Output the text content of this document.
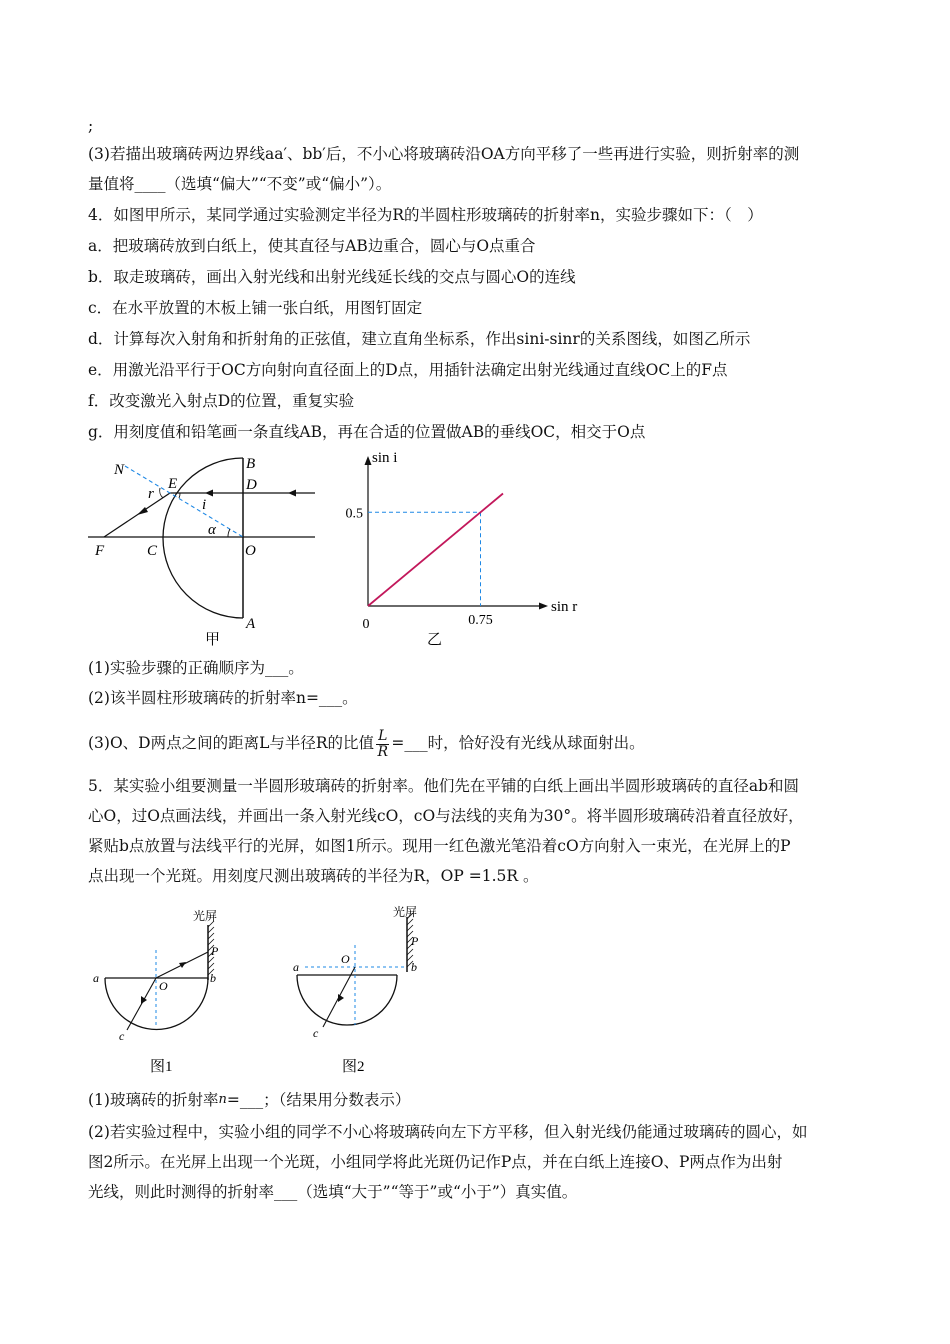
;
(3)若描出玻璃砖两边界线aa′、bb′后，不小心将玻璃砖沿OA方向平移了一些再进行实验，则折射率的测
量值将____（选填“偏大”“不变”或“偏小”）。
4．如图甲所示，某同学通过实验测定半径为R的半圆柱形玻璃砖的折射率n，实验步骤如下：（　）
a．把玻璃砖放到白纸上，使其直径与AB边重合，圆心与O点重合
b．取走玻璃砖，画出入射光线和出射光线延长线的交点与圆心O的连线
c．在水平放置的木板上铺一张白纸，用图钉固定
d．计算每次入射角和折射角的正弦值，建立直角坐标系，作出sini-sinr的关系图线，如图乙所示
e．用激光沿平行于OC方向射向直径面上的D点，用插针法确定出射光线通过直线OC上的F点
f．改变激光入射点D的位置，重复实验
g．用刻度值和铅笔画一条直线AB，再在合适的位置做AB的垂线OC，相交于O点
N
E
B
D
r
i
α
F	C	O
A
甲
sin i
sin r
0.5
0.75
0
乙
(1)实验步骤的正确顺序为___。
(2)该半圆柱形玻璃砖的折射率n=___。
(3)O、D两点之间的距离L与半径R的比值 $\frac{L}{R}$ =___时，恰好没有光线从球面射出。
5．某实验小组要测量一半圆形玻璃砖的折射率。他们先在平铺的白纸上画出半圆形玻璃砖的直径ab和圆
心O，过O点画法线，并画出一条入射光线cO，cO与法线的夹角为30°。将半圆形玻璃砖沿着直径放好，
紧贴b点放置与法线平行的光屏，如图1所示。现用一红色激光笔沿着cO方向射入一束光，在光屏上的P
点出现一个光斑。用刻度尺测出玻璃砖的半径为R，OP =1.5R 。
光屏
P
b
a
O
c
图1
光屏
P
b
a
O
c
图2
(1)玻璃砖的折射率n=___；（结果用分数表示）
(2)若实验过程中，实验小组的同学不小心将玻璃砖向左下方平移，但入射光线仍能通过玻璃砖的圆心，如
图2所示。在光屏上出现一个光斑，小组同学将此光斑仍记作P点，并在白纸上连接O、P两点作为出射
光线，则此时测得的折射率___（选填“大于”“等于”或“小于”）真实值。
